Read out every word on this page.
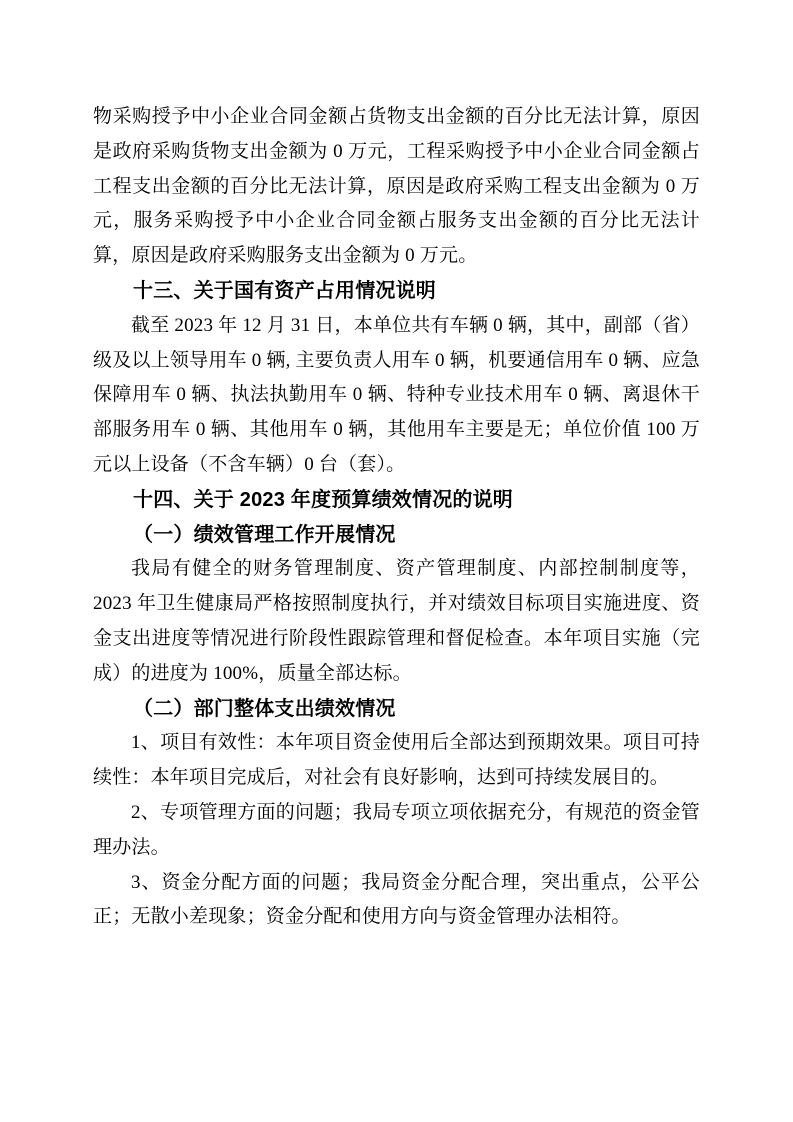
物采购授予中小企业合同金额占货物支出金额的百分比无法计算，原因是政府采购货物支出金额为 0 万元，工程采购授予中小企业合同金额占工程支出金额的百分比无法计算，原因是政府采购工程支出金额为 0 万元，服务采购授予中小企业合同金额占服务支出金额的百分比无法计算，原因是政府采购服务支出金额为 0 万元。

十三、关于国有资产占用情况说明

截至 2023 年 12 月 31 日，本单位共有车辆 0 辆，其中，副部（省）级及以上领导用车 0 辆, 主要负责人用车 0 辆，机要通信用车 0 辆、应急保障用车 0 辆、执法执勤用车 0 辆、特种专业技术用车 0 辆、离退休干部服务用车 0 辆、其他用车 0 辆，其他用车主要是无；单位价值 100 万元以上设备（不含车辆）0 台（套）。

十四、关于 2023 年度预算绩效情况的说明
（一）绩效管理工作开展情况

我局有健全的财务管理制度、资产管理制度、内部控制制度等，2023 年卫生健康局严格按照制度执行，并对绩效目标项目实施进度、资金支出进度等情况进行阶段性跟踪管理和督促检查。本年项目实施（完成）的进度为 100%，质量全部达标。

（二）部门整体支出绩效情况

1、项目有效性：本年项目资金使用后全部达到预期效果。项目可持续性：本年项目完成后，对社会有良好影响，达到可持续发展目的。

2、专项管理方面的问题；我局专项立项依据充分，有规范的资金管理办法。

3、资金分配方面的问题；我局资金分配合理，突出重点，公平公正；无散小差现象；资金分配和使用方向与资金管理办法相符。
